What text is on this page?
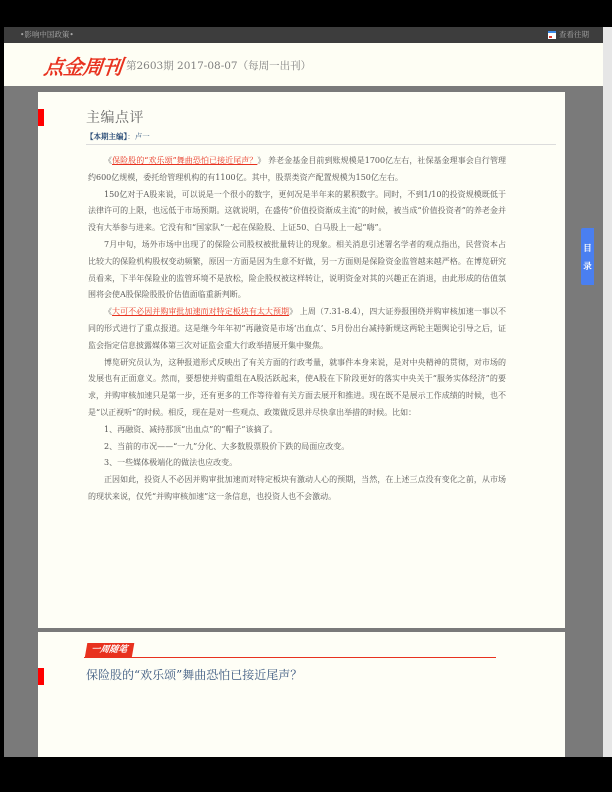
•影响中国政策•	查看往期
点金周刊 第2603期 2017-08-07（每周一出刊）
主编点评
【本期主编】：卢一

《保险股的“欢乐颂”舞曲恐怕已接近尾声？》 养老金基金目前到账规模是1700亿左右，社保基金理事会自行管理约600亿规模，委托给管理机构的有1100亿。其中，股票类资产配置规模为150亿左右。

150亿对于A股来说，可以说是一个很小的数字，更何况是半年来的累积数字。同时，不到1/10的投资规模既低于法律许可的上限，也远低于市场预期。这就说明，在盛传“价值投资渐成主流”的时候，被当成“价值投资者”的养老金并没有大举参与进来。它没有和“国家队”一起在保险股、上证50、白马股上一起“嗨”。

7月中旬，场外市场中出现了的保险公司股权被批量转让的现象。相关消息引述署名学者的观点指出，民营资本占比较大的保险机构股权变动频繁，原因一方面是因为生意不好做，另一方面则是保险资金监管越来越严格。在博览研究员看来，下半年保险业的监管环境不是放松，险企股权被这样转让，说明资金对其的兴趣正在消退，由此形成的估值氛围将会使A股保险股股价估值面临重新判断。

《大可不必因并购审批加速而对特定板块有太大预期》 上周（7.31-8.4），四大证券报围绕并购审核加速一事以不同的形式进行了重点报道。这是继今年年初“再融资是市场‘出血点’、5月份出台减持新规这两轮主题舆论引导之后，证监会指定信息披露媒体第三次对证监会重大行政举措展开集中聚焦。

博览研究员认为，这种报道形式反映出了有关方面的行政考量，就事件本身来说，是对中央精神的贯彻，对市场的发展也有正面意义。然而，要想使并购重组在A股活跃起来，使A股在下阶段更好的落实中央关于“服务实体经济”的要求，并购审核加速只是第一步，还有更多的工作等待着有关方面去展开和推进。现在既不是展示工作成绩的时候，也不是“以正视听”的时候。相反，现在是对一些观点、政策做反思并尽快拿出举措的时候。比如：

1、再融资、减持那顶“出血点”的“帽子”该摘了。

2、当前的市况——“一九”分化、大多数股票股价下跌的局面应改变。

3、一些媒体极端化的做法也应改变。

正因如此，投资人不必因并购审批加速而对特定板块有激动人心的预期，当然，在上述三点没有变化之前，从市场的现状来说，仅凭“并购审核加速”这一条信息，也投资人也不会激动。

一周随笔
保险股的“欢乐颂”舞曲恐怕已接近尾声？
目
录
